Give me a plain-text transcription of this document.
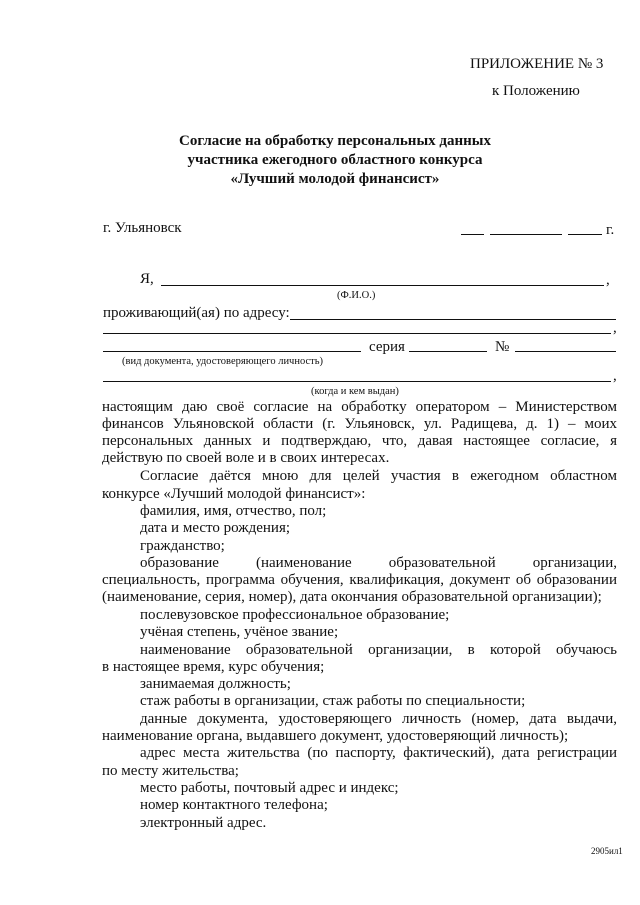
ПРИЛОЖЕНИЕ № 3
к Положению
Согласие на обработку персональных данных
участника ежегодного областного конкурса
«Лучший молодой финансист»
г. Ульяновск	г.
Я,	,
(Ф.И.О.)
проживающий(ая) по адресу:
,
серия	№
(вид документа, удостоверяющего личность)
,
(когда и кем выдан)
настоящим даю своё согласие на обработку оператором – Министерством
финансов Ульяновской области (г. Ульяновск, ул. Радищева, д. 1) – моих
персональных данных и подтверждаю, что, давая настоящее согласие, я
действую по своей воле и в своих интересах.
Согласие даётся мною для целей участия в ежегодном областном
конкурсе «Лучший молодой финансист»:
фамилия, имя, отчество, пол;
дата и место рождения;
гражданство;
образование (наименование образовательной организации,
специальность, программа обучения, квалификация, документ об образовании
(наименование, серия, номер), дата окончания образовательной организации);
послевузовское профессиональное образование;
учёная степень, учёное звание;
наименование образовательной организации, в которой обучаюсь
в настоящее время, курс обучения;
занимаемая должность;
стаж работы в организации, стаж работы по специальности;
данные документа, удостоверяющего личность (номер, дата выдачи,
наименование органа, выдавшего документ, удостоверяющий личность);
адрес места жительства (по паспорту, фактический), дата регистрации
по месту жительства;
место работы, почтовый адрес и индекс;
номер контактного телефона;
электронный адрес.
2905ил1
